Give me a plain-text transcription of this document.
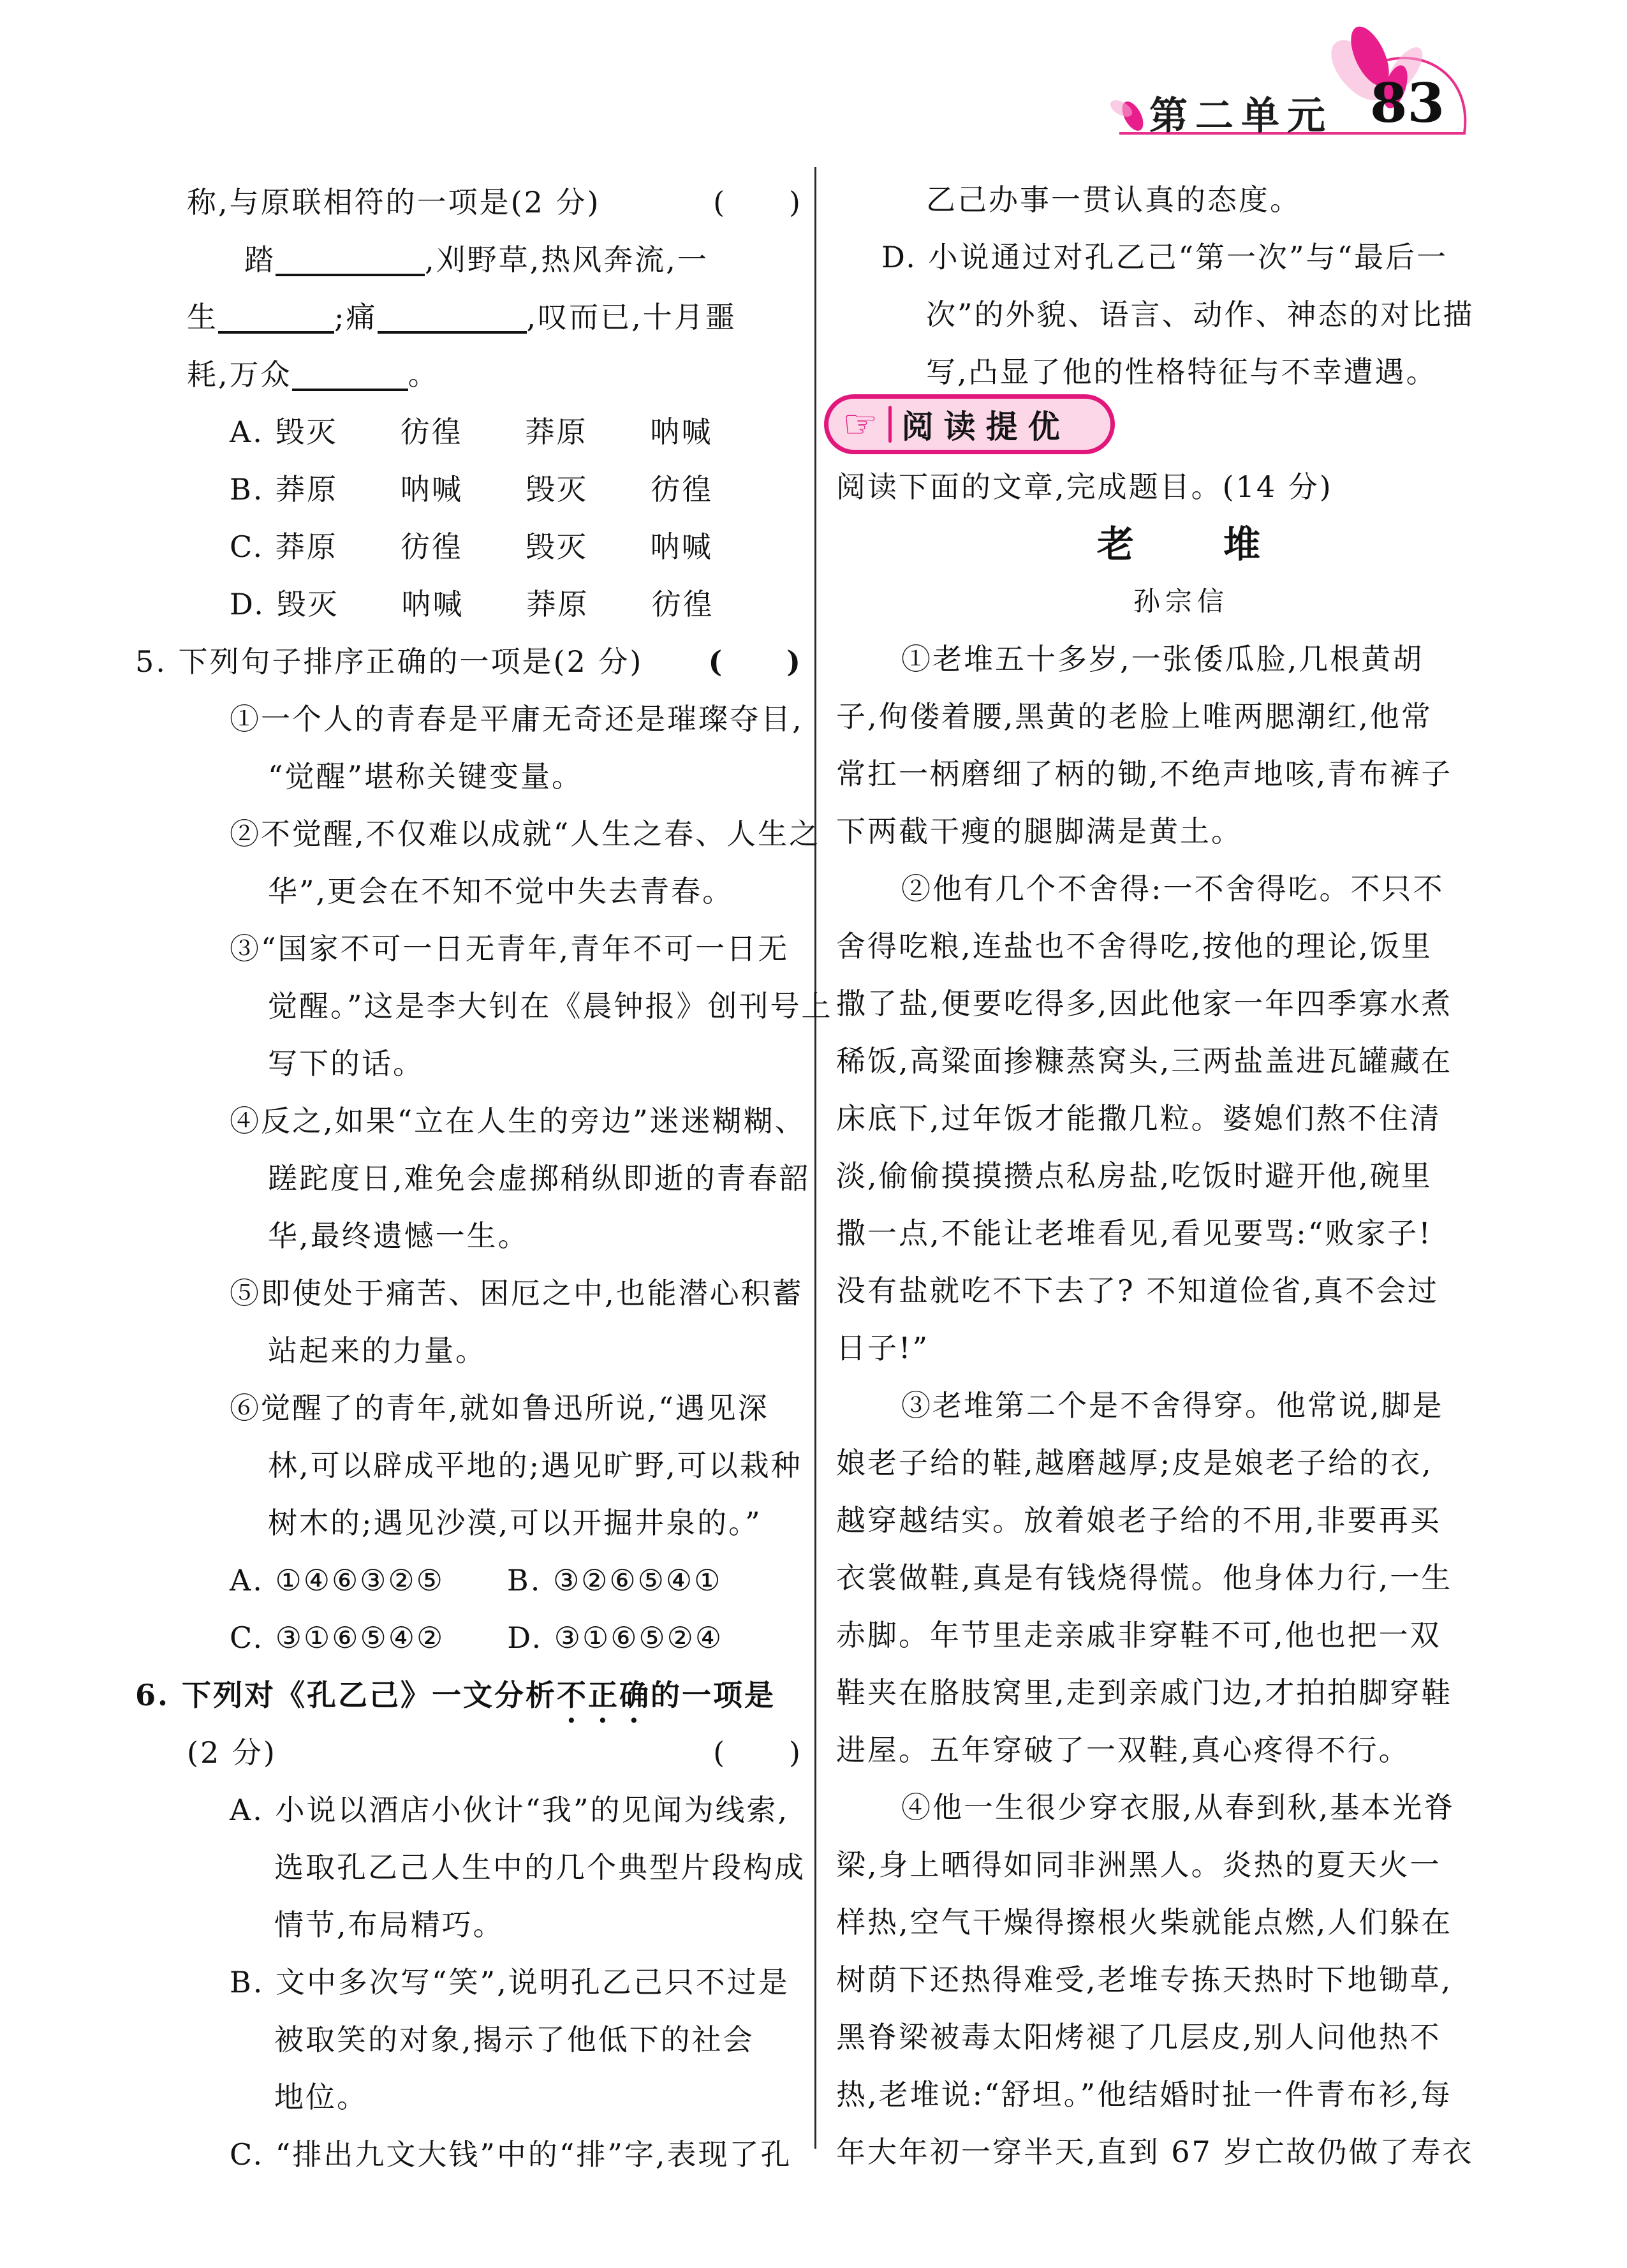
第二单元 83
称,与原联相符的一项是(2 分)	(　　)
踏	,刈野草,热风奔流,一
生	;痛	,叹而已,十月噩
耗,万众	。
A. 毁灭　　彷徨　　莽原　　呐喊
B. 莽原　　呐喊　　毁灭　　彷徨
C. 莽原　　彷徨　　毁灭　　呐喊
D. 毁灭　　呐喊　　莽原　　彷徨
5. 下列句子排序正确的一项是(2 分) (　　)
①一个人的青春是平庸无奇还是璀璨夺目,
“觉醒”堪称关键变量。
②不觉醒,不仅难以成就“人生之春、人生之
华”,更会在不知不觉中失去青春。
③“国家不可一日无青年,青年不可一日无
觉醒。”这是李大钊在《晨钟报》创刊号上
写下的话。
④反之,如果“立在人生的旁边”迷迷糊糊、
蹉跎度日,难免会虚掷稍纵即逝的青春韶
华,最终遗憾一生。
⑤即使处于痛苦、困厄之中,也能潜心积蓄
站起来的力量。
⑥觉醒了的青年,就如鲁迅所说,“遇见深
林,可以辟成平地的;遇见旷野,可以栽种
树木的;遇见沙漠,可以开掘井泉的。”
A. ①④⑥③②⑤　　B. ③②⑥⑤④①
C. ③①⑥⑤④②　　D. ③①⑥⑤②④
6. 下列对《孔乙己》一文分析不正确的一项是
(2 分)	(　　)
A. 小说以酒店小伙计“我”的见闻为线索,
选取孔乙己人生中的几个典型片段构成
情节,布局精巧。
B. 文中多次写“笑”,说明孔乙己只不过是
被取笑的对象,揭示了他低下的社会
地位。
C. “排出九文大钱”中的“排”字,表现了孔
乙己办事一贯认真的态度。
D. 小说通过对孔乙己“第一次”与“最后一
次”的外貌、语言、动作、神态的对比描
写,凸显了他的性格特征与不幸遭遇。
阅读下面的文章,完成题目。(14 分)
老　　堆
孙宗信
①老堆五十多岁,一张倭瓜脸,几根黄胡
子,佝偻着腰,黑黄的老脸上唯两腮潮红,他常
常扛一柄磨细了柄的锄,不绝声地咳,青布裤子
下两截干瘦的腿脚满是黄土。
②他有几个不舍得:一不舍得吃。不只不
舍得吃粮,连盐也不舍得吃,按他的理论,饭里
撒了盐,便要吃得多,因此他家一年四季寡水煮
稀饭,高粱面掺糠蒸窝头,三两盐盖进瓦罐藏在
床底下,过年饭才能撒几粒。婆媳们熬不住清
淡,偷偷摸摸攒点私房盐,吃饭时避开他,碗里
撒一点,不能让老堆看见,看见要骂:“败家子!
没有盐就吃不下去了? 不知道俭省,真不会过
日子!”
③老堆第二个是不舍得穿。他常说,脚是
娘老子给的鞋,越磨越厚;皮是娘老子给的衣,
越穿越结实。放着娘老子给的不用,非要再买
衣裳做鞋,真是有钱烧得慌。他身体力行,一生
赤脚。年节里走亲戚非穿鞋不可,他也把一双
鞋夹在胳肢窝里,走到亲戚门边,才拍拍脚穿鞋
进屋。五年穿破了一双鞋,真心疼得不行。
④他一生很少穿衣服,从春到秋,基本光脊
梁,身上晒得如同非洲黑人。炎热的夏天火一
样热,空气干燥得擦根火柴就能点燃,人们躲在
树荫下还热得难受,老堆专拣天热时下地锄草,
黑脊梁被毒太阳烤褪了几层皮,别人问他热不
热,老堆说:“舒坦。”他结婚时扯一件青布衫,每
年大年初一穿半天,直到 67 岁亡故仍做了寿衣
☞ 阅读提优
